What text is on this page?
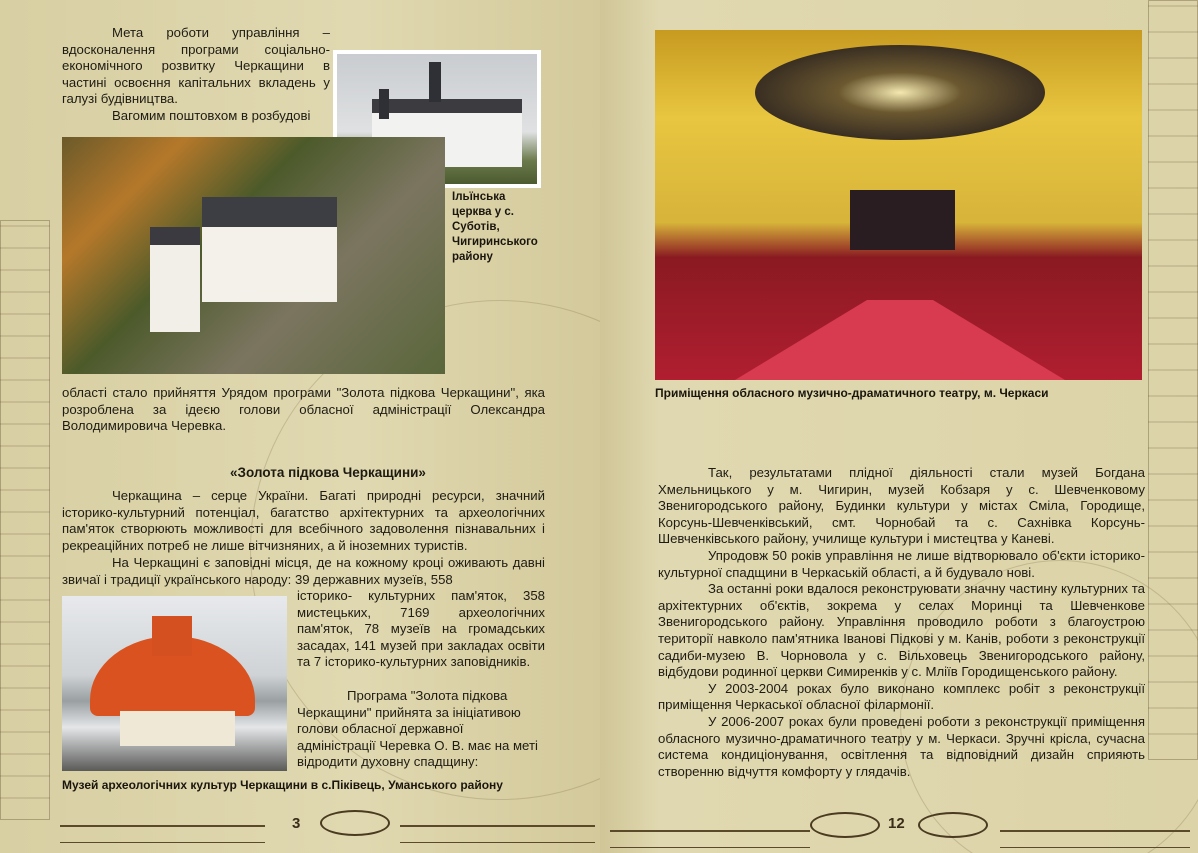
Мета роботи управління – вдосконалення програми соціально-економічного розвитку Черкащини в частині освоєння капітальних вкладень у галузі будівництва.

Вагомим поштовхом в розбудові

Ільїнська церква у с. Суботів, Чигиринського району
області стало прийняття Урядом програми "Золота підкова Черкащини", яка розроблена за ідеєю голови обласної адміністрації Олександра Володимировича Черевка.
«Золота підкова Черкащини»

Черкащина – серце України. Багаті природні ресурси, значний історико-культурний потенціал, багатство архітектурних та археологічних пам'яток створюють можливості для всебічного задоволення пізнавальних і рекреаційних потреб не лише вітчизняних, а й іноземних туристів.

На Черкащині є заповідні місця, де на кожному кроці оживають давні звичаї і традиції українського народу: 39 державних музеїв, 558

історико- культурних пам'яток, 358 мистецьких, 7169 археологічних пам'яток, 78 музеїв на громадських засадах, 141 музей при закладах освіти та 7 історико-культурних заповідників.

Програма "Золота підкова Черкащини" прийнята за ініціативою голови обласної державної адміністрації Черевка О. В. має на меті відродити духовну спадщину:

Музей археологічних культур Черкащини в с.Пiкiвець, Уманського району
3
Приміщення обласного музично-драматичного театру, м. Черкаси

Так, результатами плідної діяльності стали музей Богдана Хмельницького у м. Чигирин, музей Кобзаря у с. Шевченковому Звенигородського району, Будинки культури у містах Сміла, Городище, Корсунь-Шевченківський, смт. Чорнобай та с. Сахнівка Корсунь-Шевченківського району, училище культури і мистецтва у Каневі.

Упродовж 50 років управління не лише відтворювало об'єкти історико-культурної спадщини в Черкаській області, а й будувало нові.

За останні роки вдалося реконструювати значну частину культурних та архітектурних об'єктів, зокрема у селах Моринці та Шевченкове Звенигородського району. Управління проводило роботи з благоустрою території навколо пам'ятника Іванові Підкові у м. Канів, роботи з реконструкції садиби-музею В. Чорновола у с. Вільховець Звенигородського району, відбудови родинної церкви Симиренків у с. Мліїв Городищенського району.

У 2003-2004 роках було виконано комплекс робіт з реконструкції приміщення Черкаської обласної філармонії.

У 2006-2007 роках були проведені роботи з реконструкції приміщення обласного музично-драматичного театру у м. Черкаси. Зручні крісла, сучасна система кондиціонування, освітлення та відповідний дизайн сприяють створенню відчуття комфорту у глядачів.

12
